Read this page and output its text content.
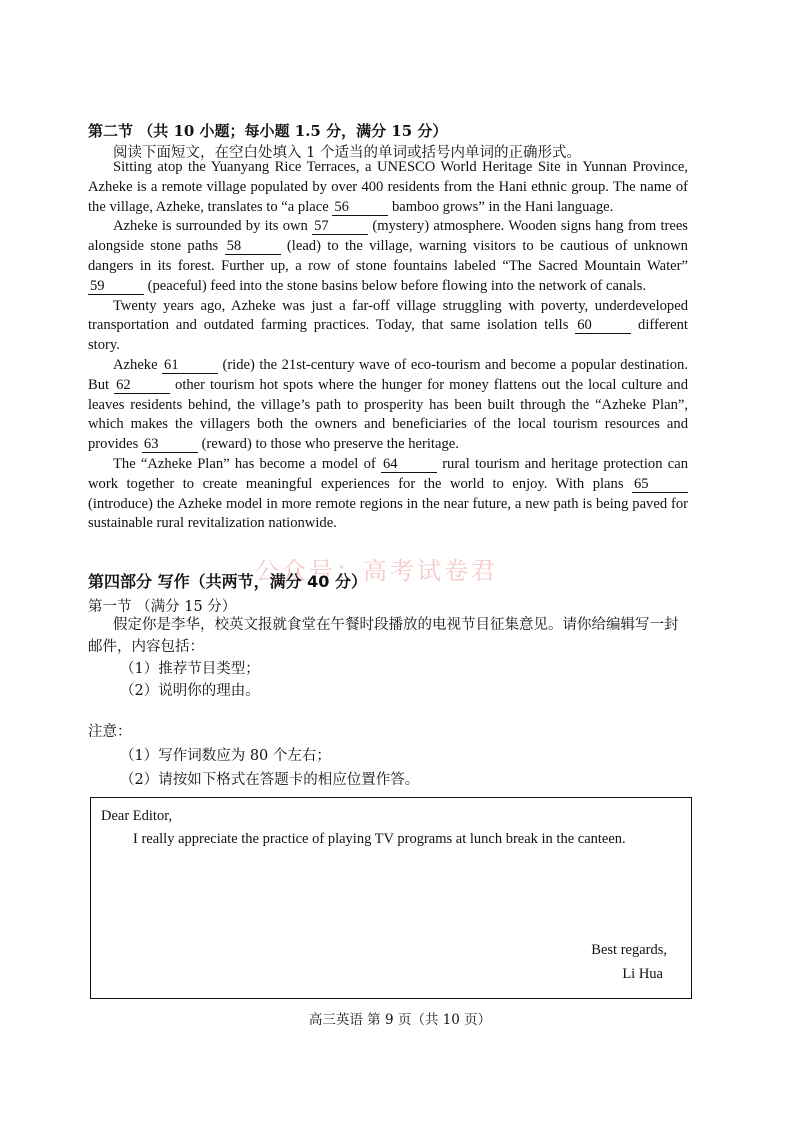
第二节 （共 10 小题；每小题 1.5 分，满分 15 分）
阅读下面短文，在空白处填入 1 个适当的单词或括号内单词的正确形式。

Sitting atop the Yuanyang Rice Terraces, a UNESCO World Heritage Site in Yunnan Province, Azheke is a remote village populated by over 400 residents from the Hani ethnic group. The name of the village, Azheke, translates to “a place 56	bamboo grows” in the Hani language.

Azheke is surrounded by its own 57	(mystery) atmosphere. Wooden signs hang from trees alongside stone paths 58	(lead) to the village, warning visitors to be cautious of unknown dangers in its forest. Further up, a row of stone fountains labeled “The Sacred Mountain Water” 59	(peaceful) feed into the stone basins below before flowing into the network of canals.

Twenty years ago, Azheke was just a far-off village struggling with poverty, underdeveloped transportation and outdated farming practices. Today, that same isolation tells 60	different story.

Azheke 61	(ride) the 21st-century wave of eco-tourism and become a popular destination. But 62	other tourism hot spots where the hunger for money flattens out the local culture and leaves residents behind, the village’s path to prosperity has been built through the “Azheke Plan”, which makes the villagers both the owners and beneficiaries of the local tourism resources and provides 63	(reward) to those who preserve the heritage.

The “Azheke Plan” has become a model of 64	rural tourism and heritage protection can work together to create meaningful experiences for the world to enjoy. With plans 65 (introduce) the Azheke model in more remote regions in the near future, a new path is being paved for sustainable rural revitalization nationwide.

公众号：高考试卷君
第四部分 写作（共两节，满分 40 分）
第一节 （满分 15 分）
假定你是李华，校英文报就食堂在午餐时段播放的电视节目征集意见。请你给编辑写一封邮件，内容包括：
（1）推荐节目类型；
（2）说明你的理由。
注意：
（1）写作词数应为 80 个左右；
（2）请按如下格式在答题卡的相应位置作答。
Dear Editor,
I really appreciate the practice of playing TV programs at lunch break in the canteen.
Best regards,
Li Hua
高三英语 第 9 页（共 10 页）
